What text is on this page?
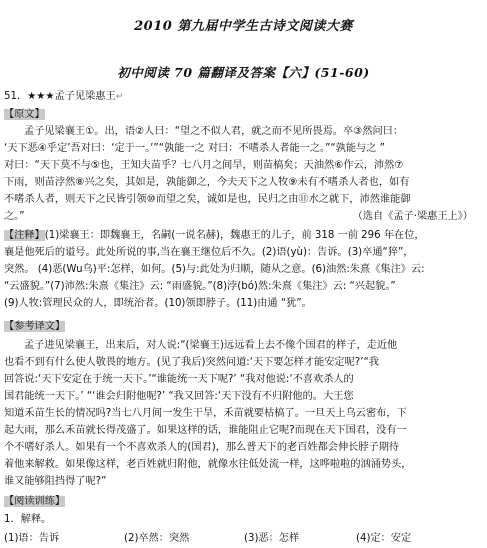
2010 第九届中学生古诗文阅读大赛
初中阅读 70 篇翻译及答案【六】(51-60)
51．★★★孟子见梁惠王↵
【原文】
孟子见梁襄王①。出，语②人曰：“望之不似人君，就之而不见所畏焉。卒③然问曰：
‘天下恶④乎定’吾对曰：‘定于一。’”“孰能一之 对曰：不嗜杀人者能一之。”“孰能与之 ”
对曰：“天下莫不与⑤也，王知夫苗乎？七八月之间旱，则苗槁矣；天油然⑥作云，沛然⑦
下雨，则苗浡然⑧兴之矣，其如是，孰能御之，今夫天下之人牧⑨未有不嗜杀人者也，如有
不嗜杀人者，则天下之民皆引领⑩而望之矣，诚如是也，民归之由⑪水之就下，沛然谁能御
之。”	（选自《孟子·梁惠王上》）
【注释】(1)梁襄王：即魏襄王，名嗣(一说名赫)，魏惠王的儿子，前 318 一前 296 年在位，
襄是他死后的谥号。此处所说的事,当在襄王继位后不久。(2)语(yù)：告诉。(3)卒通“猝”，
突然。 (4)恶(Wu乌)平:怎样，如何。(5)与:此处为归顺，随从之意。(6)油然:朱熹《集注》云:
“云盛貌。”(7)沛然:朱熹《集注》云: “雨盛貌。”(8)浡(bó)然:朱熹《集注》云: “兴起貌。”
(9)人牧:管理民众的人，即统治者。(10)领即脖子。(11)由通 “犹”。
【参考译文】
孟子进见梁襄王，出来后，对人说:“(梁襄王)远远看上去不像个国君的样子，走近他
也看不到有什么使人敬畏的地方。(见了我后)突然问道:‘天下要怎样才能安定呢?’“我
回答说:‘天下安定在于统一天下。’“谁能统一天下呢?’ “我对他说:‘不喜欢杀人的
国君能统一天下。’ “‘谁会归附他呢?’ “我又回答:‘天下没有不归附他的。大王您
知道禾苗生长的情况吗?当七八月间一发生干旱，禾苗就要枯槁了。一旦天上乌云密布，下
起大雨，那么禾苗就长得茂盛了。如果这样的话，谁能阻止它呢?而现在天下国君，没有一
个不嗜好杀人。如果有一个不喜欢杀人的(国君)，那么普天下的老百姓都会伸长脖子期待
着他来解救。如果像这样，老百姓就归附他，就像水往低处流一样，这哗啦啦的汹涌势头，
谁又能够阻挡得了呢?”
【阅读训练】
1．解释。
(1)语：告诉	(2)卒然：突然	(3)恶：怎样	(4)定：安定
